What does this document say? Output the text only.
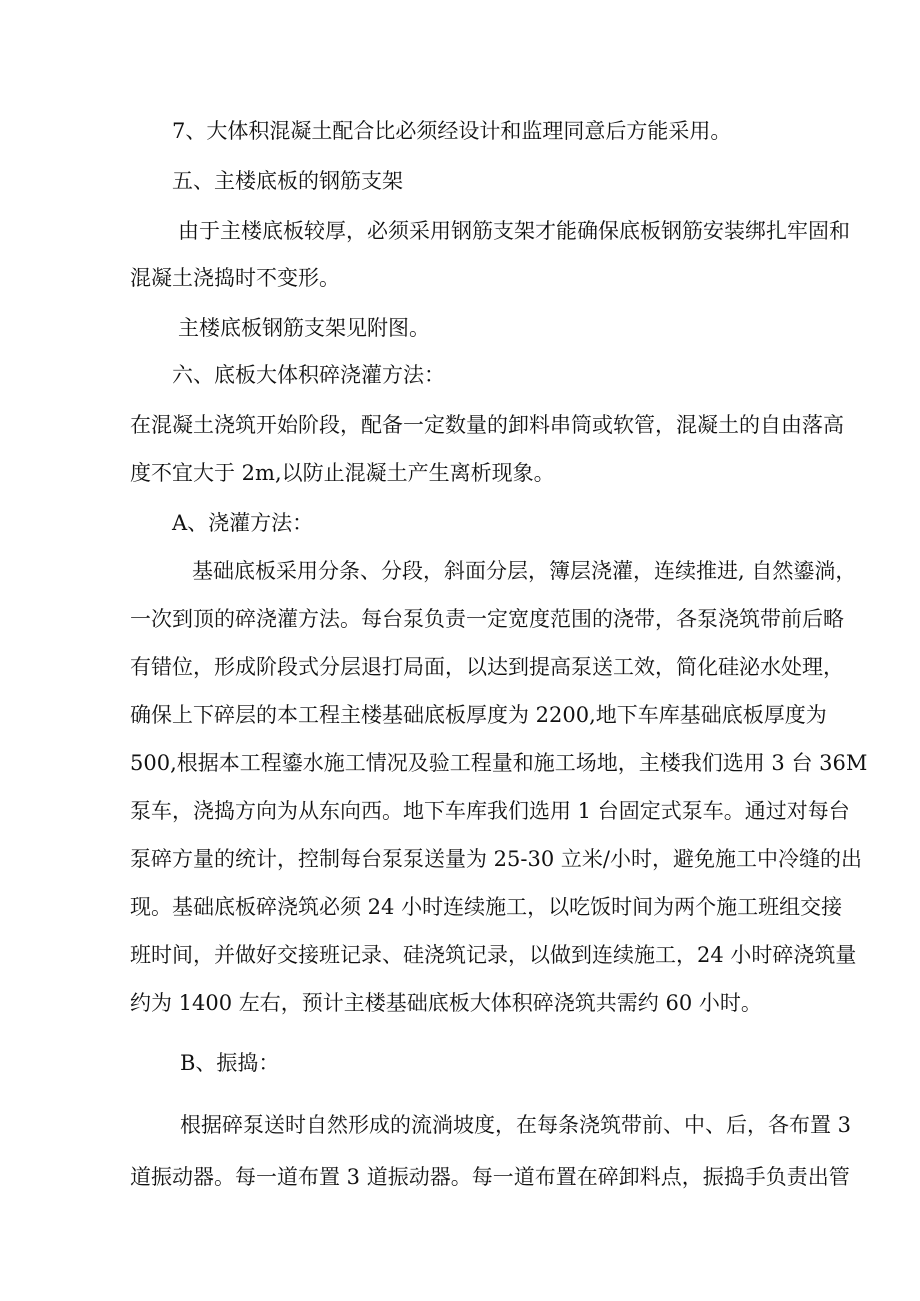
7、大体积混凝土配合比必须经设计和监理同意后方能采用。
五、主楼底板的钢筋支架
由于主楼底板较厚，必须采用钢筋支架才能确保底板钢筋安装绑扎牢固和
混凝土浇捣时不变形。
主楼底板钢筋支架见附图。
六、底板大体积碎浇灌方法：
在混凝土浇筑开始阶段，配备一定数量的卸料串筒或软管，混凝土的自由落高
度不宜大于 2m,以防止混凝土产生离析现象。
A、浇灌方法：
基础底板采用分条、分段，斜面分层，簿层浇灌，连续推进, 自然鎏淌，
一次到顶的碎浇灌方法。每台泵负责一定宽度范围的浇带，各泵浇筑带前后略
有错位，形成阶段式分层退打局面，以达到提高泵送工效，简化硅泌水处理，
确保上下碎层的本工程主楼基础底板厚度为 2200,地下车库基础底板厚度为
500,根据本工程鎏水施工情况及验工程量和施工场地，主楼我们选用 3 台 36M
泵车，浇捣方向为从东向西。地下车库我们选用 1 台固定式泵车。通过对每台
泵碎方量的统计，控制每台泵泵送量为 25-30 立米/小时，避免施工中冷缝的出
现。基础底板碎浇筑必须 24 小时连续施工，以吃饭时间为两个施工班组交接
班时间，并做好交接班记录、硅浇筑记录，以做到连续施工，24 小时碎浇筑量
约为 1400 左右，预计主楼基础底板大体积碎浇筑共需约 60 小时。
B、振捣：
根据碎泵送时自然形成的流淌坡度，在每条浇筑带前、中、后，各布置 3
道振动器。每一道布置 3 道振动器。每一道布置在碎卸料点，振捣手负责出管
